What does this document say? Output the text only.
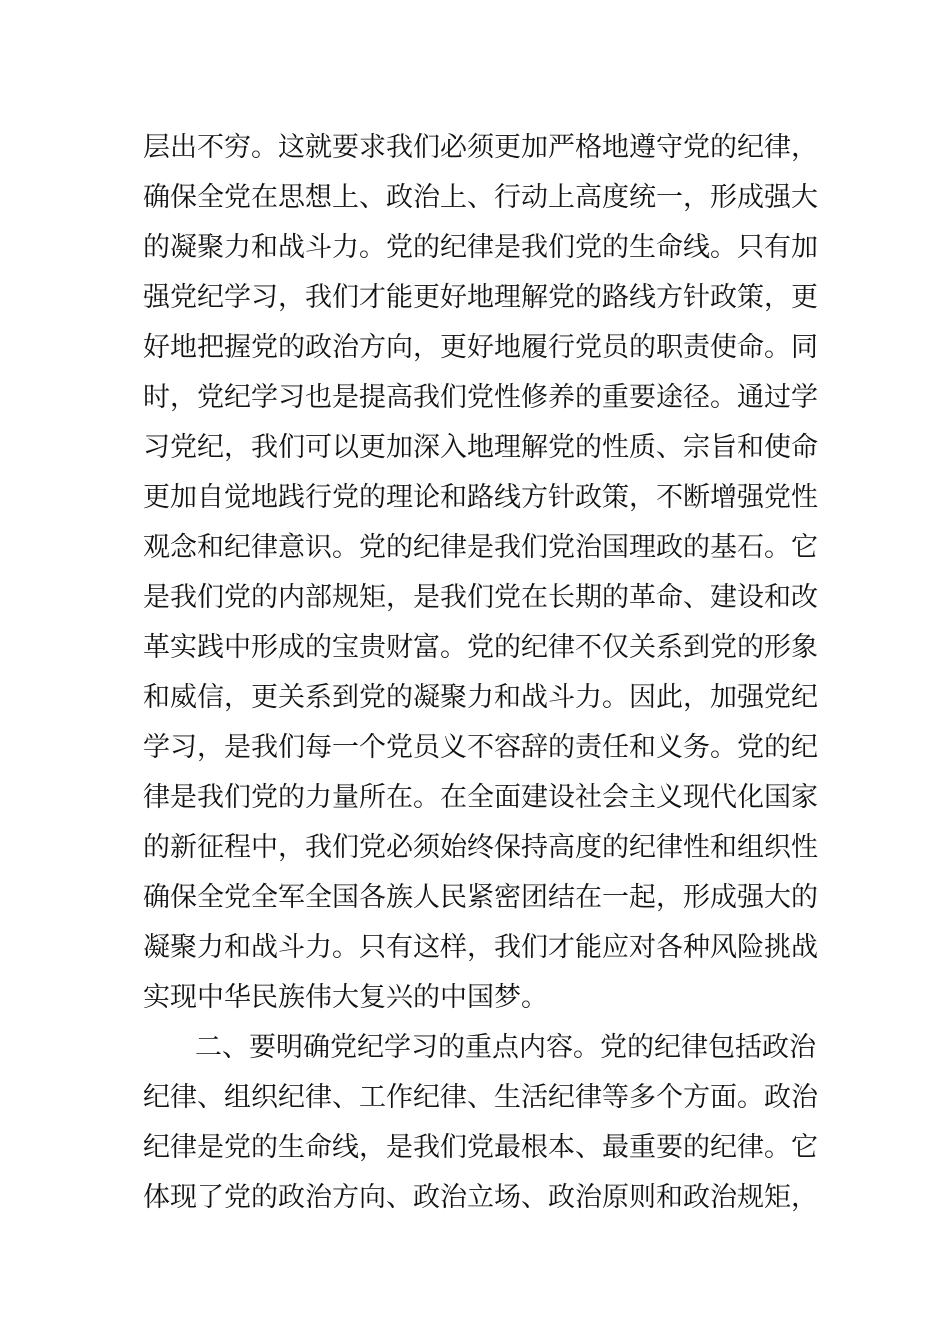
层出不穷。这就要求我们必须更加严格地遵守党的纪律，
确保全党在思想上、政治上、行动上高度统一，形成强大
的凝聚力和战斗力。党的纪律是我们党的生命线。只有加
强党纪学习，我们才能更好地理解党的路线方针政策，更
好地把握党的政治方向，更好地履行党员的职责使命。同
时，党纪学习也是提高我们党性修养的重要途径。通过学
习党纪，我们可以更加深入地理解党的性质、宗旨和使命
更加自觉地践行党的理论和路线方针政策，不断增强党性
观念和纪律意识。党的纪律是我们党治国理政的基石。它
是我们党的内部规矩，是我们党在长期的革命、建设和改
革实践中形成的宝贵财富。党的纪律不仅关系到党的形象
和威信，更关系到党的凝聚力和战斗力。因此，加强党纪
学习，是我们每一个党员义不容辞的责任和义务。党的纪
律是我们党的力量所在。在全面建设社会主义现代化国家
的新征程中，我们党必须始终保持高度的纪律性和组织性
确保全党全军全国各族人民紧密团结在一起，形成强大的
凝聚力和战斗力。只有这样，我们才能应对各种风险挑战
实现中华民族伟大复兴的中国梦。
二、要明确党纪学习的重点内容。党的纪律包括政治
纪律、组织纪律、工作纪律、生活纪律等多个方面。政治
纪律是党的生命线，是我们党最根本、最重要的纪律。它
体现了党的政治方向、政治立场、政治原则和政治规矩，
